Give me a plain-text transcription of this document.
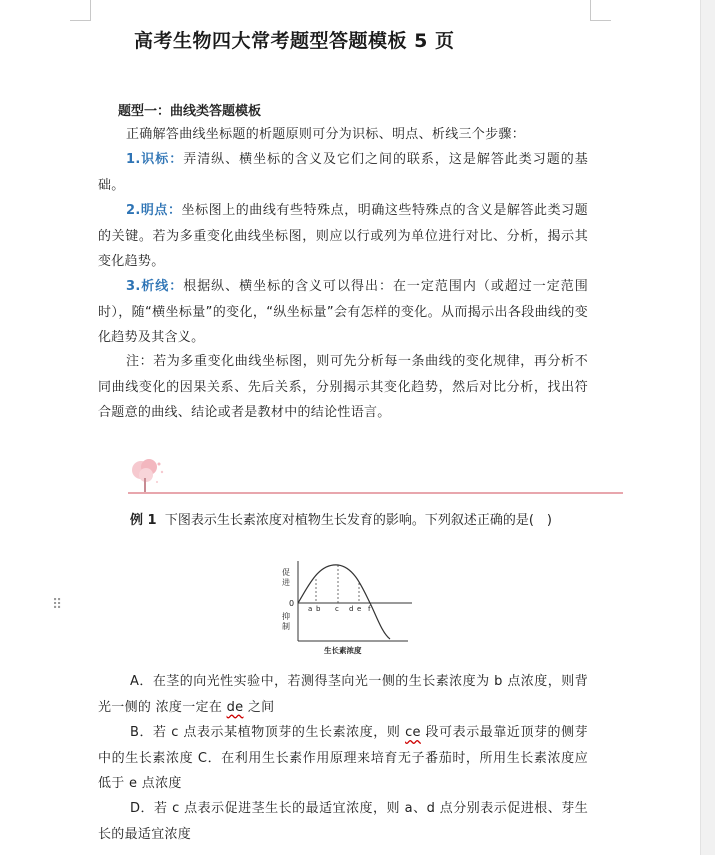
高考生物四大常考题型答题模板 5 页
题型一：曲线类答题模板
正确解答曲线坐标题的析题原则可分为识标、明点、析线三个步骤：
1.识标：弄清纵、横坐标的含义及它们之间的联系，这是解答此类习题的基础。
2.明点：坐标图上的曲线有些特殊点，明确这些特殊点的含义是解答此类习题的关键。若为多重变化曲线坐标图，则应以行或列为单位进行对比、分析，揭示其变化趋势。
3.析线：根据纵、横坐标的含义可以得出：在一定范围内（或超过一定范围时），随“横坐标量”的变化，“纵坐标量”会有怎样的变化。从而揭示出各段曲线的变化趋势及其含义。
注：若为多重变化曲线坐标图，则可先分析每一条曲线的变化规律，再分析不同曲线变化的因果关系、先后关系，分别揭示其变化趋势，然后对比分析，找出符合题意的曲线、结论或者是教材中的结论性语言。
例 1 下图表示生长素浓度对植物生长发育的影响。下列叙述正确的是(　)
⠿
促
进
0
抑
制
a b c d e f
生长素浓度
A．在茎的向光性实验中，若测得茎向光一侧的生长素浓度为 b 点浓度，则背光一侧的 浓度一定在 de 之间
B．若 c 点表示某植物顶芽的生长素浓度，则 ce 段可表示最靠近顶芽的侧芽中的生长素浓度 C．在利用生长素作用原理来培育无子番茄时，所用生长素浓度应低于 e 点浓度
D．若 c 点表示促进茎生长的最适宜浓度，则 a、d 点分别表示促进根、芽生长的最适宜浓度
